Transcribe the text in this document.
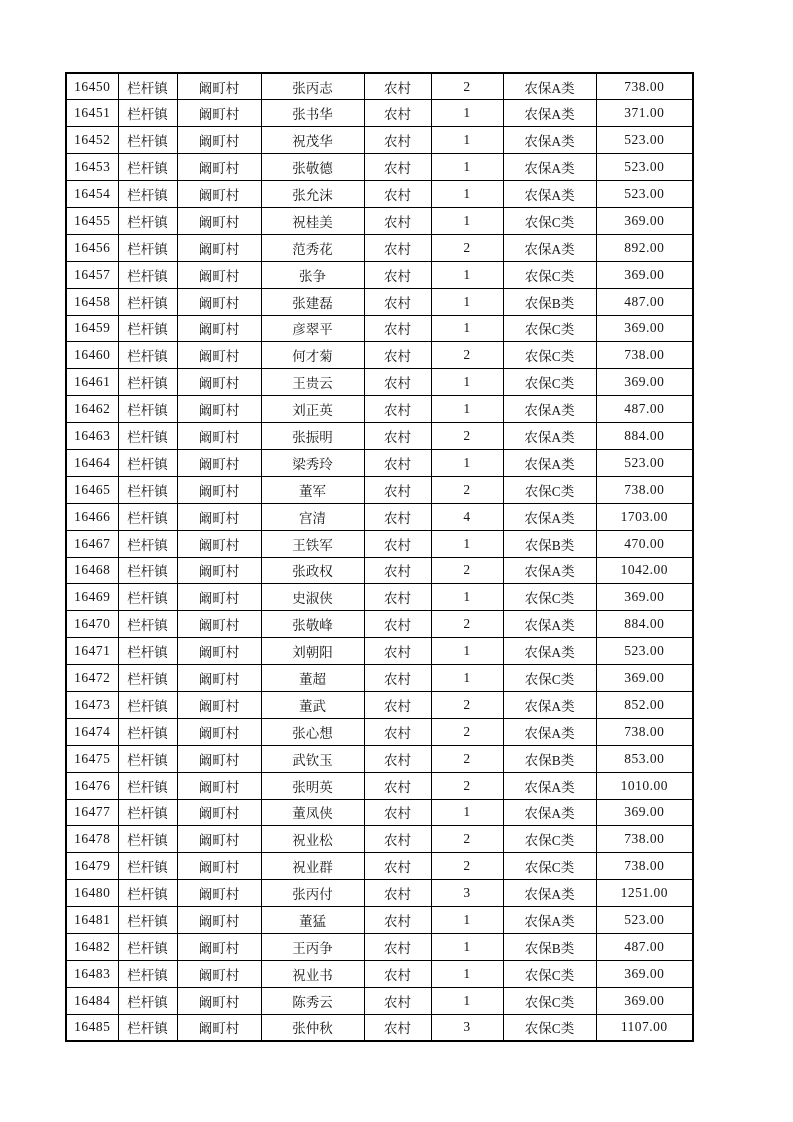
16450	栏杆镇	阚町村	张丙志	农村	2	农保A类	738.00
16451	栏杆镇	阚町村	张书华	农村	1	农保A类	371.00
16452	栏杆镇	阚町村	祝茂华	农村	1	农保A类	523.00
16453	栏杆镇	阚町村	张敬德	农村	1	农保A类	523.00
16454	栏杆镇	阚町村	张允沫	农村	1	农保A类	523.00
16455	栏杆镇	阚町村	祝桂美	农村	1	农保C类	369.00
16456	栏杆镇	阚町村	范秀花	农村	2	农保A类	892.00
16457	栏杆镇	阚町村	张争	农村	1	农保C类	369.00
16458	栏杆镇	阚町村	张建磊	农村	1	农保B类	487.00
16459	栏杆镇	阚町村	彦翠平	农村	1	农保C类	369.00
16460	栏杆镇	阚町村	何才菊	农村	2	农保C类	738.00
16461	栏杆镇	阚町村	王贵云	农村	1	农保C类	369.00
16462	栏杆镇	阚町村	刘正英	农村	1	农保A类	487.00
16463	栏杆镇	阚町村	张振明	农村	2	农保A类	884.00
16464	栏杆镇	阚町村	梁秀玲	农村	1	农保A类	523.00
16465	栏杆镇	阚町村	董军	农村	2	农保C类	738.00
16466	栏杆镇	阚町村	宫清	农村	4	农保A类	1703.00
16467	栏杆镇	阚町村	王铁军	农村	1	农保B类	470.00
16468	栏杆镇	阚町村	张政权	农村	2	农保A类	1042.00
16469	栏杆镇	阚町村	史淑侠	农村	1	农保C类	369.00
16470	栏杆镇	阚町村	张敬峰	农村	2	农保A类	884.00
16471	栏杆镇	阚町村	刘朝阳	农村	1	农保A类	523.00
16472	栏杆镇	阚町村	董超	农村	1	农保C类	369.00
16473	栏杆镇	阚町村	董武	农村	2	农保A类	852.00
16474	栏杆镇	阚町村	张心想	农村	2	农保A类	738.00
16475	栏杆镇	阚町村	武钦玉	农村	2	农保B类	853.00
16476	栏杆镇	阚町村	张明英	农村	2	农保A类	1010.00
16477	栏杆镇	阚町村	董凤侠	农村	1	农保A类	369.00
16478	栏杆镇	阚町村	祝业松	农村	2	农保C类	738.00
16479	栏杆镇	阚町村	祝业群	农村	2	农保C类	738.00
16480	栏杆镇	阚町村	张丙付	农村	3	农保A类	1251.00
16481	栏杆镇	阚町村	董猛	农村	1	农保A类	523.00
16482	栏杆镇	阚町村	王丙争	农村	1	农保B类	487.00
16483	栏杆镇	阚町村	祝业书	农村	1	农保C类	369.00
16484	栏杆镇	阚町村	陈秀云	农村	1	农保C类	369.00
16485	栏杆镇	阚町村	张仲秋	农村	3	农保C类	1107.00
